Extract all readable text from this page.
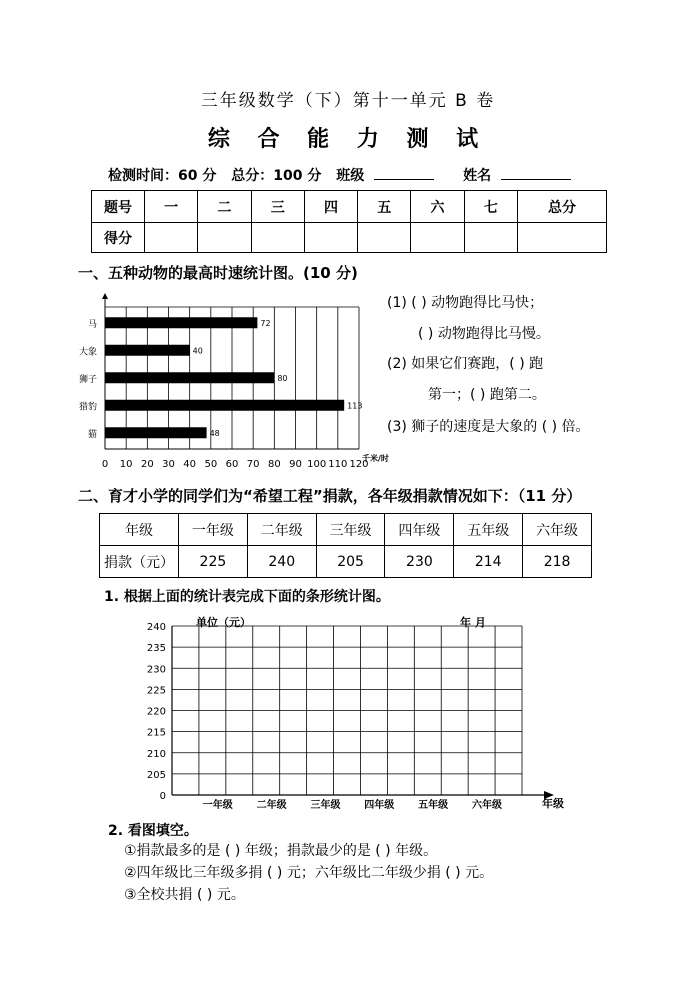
三年级数学（下）第十一单元 B 卷
综 合 能 力 测 试
检测时间：60 分 总分：100 分 班级	姓名
题号	一	二	三	四	五	六	七	总分
得分								
一、五种动物的最高时速统计图。(10 分)
72
40
80
113
48
马
大象
狮子
猎豹
猫
0 10 20 30 40 50 60 70 80 90 100 110 120
千米/时
(1) ( ) 动物跑得比马快；
( ) 动物跑得比马慢。
(2) 如果它们赛跑，( ) 跑
第一；( ) 跑第二。
(3) 狮子的速度是大象的 ( ) 倍。
二、育才小学的同学们为“希望工程”捐款，各年级捐款情况如下：（11 分）
年级	一年级	二年级	三年级	四年级	五年级	六年级
捐款（元）	225	240	205	230	214	218
1. 根据上面的统计表完成下面的条形统计图。
240
235
230
225
220
215
210
205
0
一年级 二年级 三年级 四年级 五年级 六年级
单位（元）	年 月
年级
2. 看图填空。
①捐款最多的是 ( ) 年级；捐款最少的是 ( ) 年级。
②四年级比三年级多捐 ( ) 元；六年级比二年级少捐 ( ) 元。
③全校共捐 ( ) 元。
